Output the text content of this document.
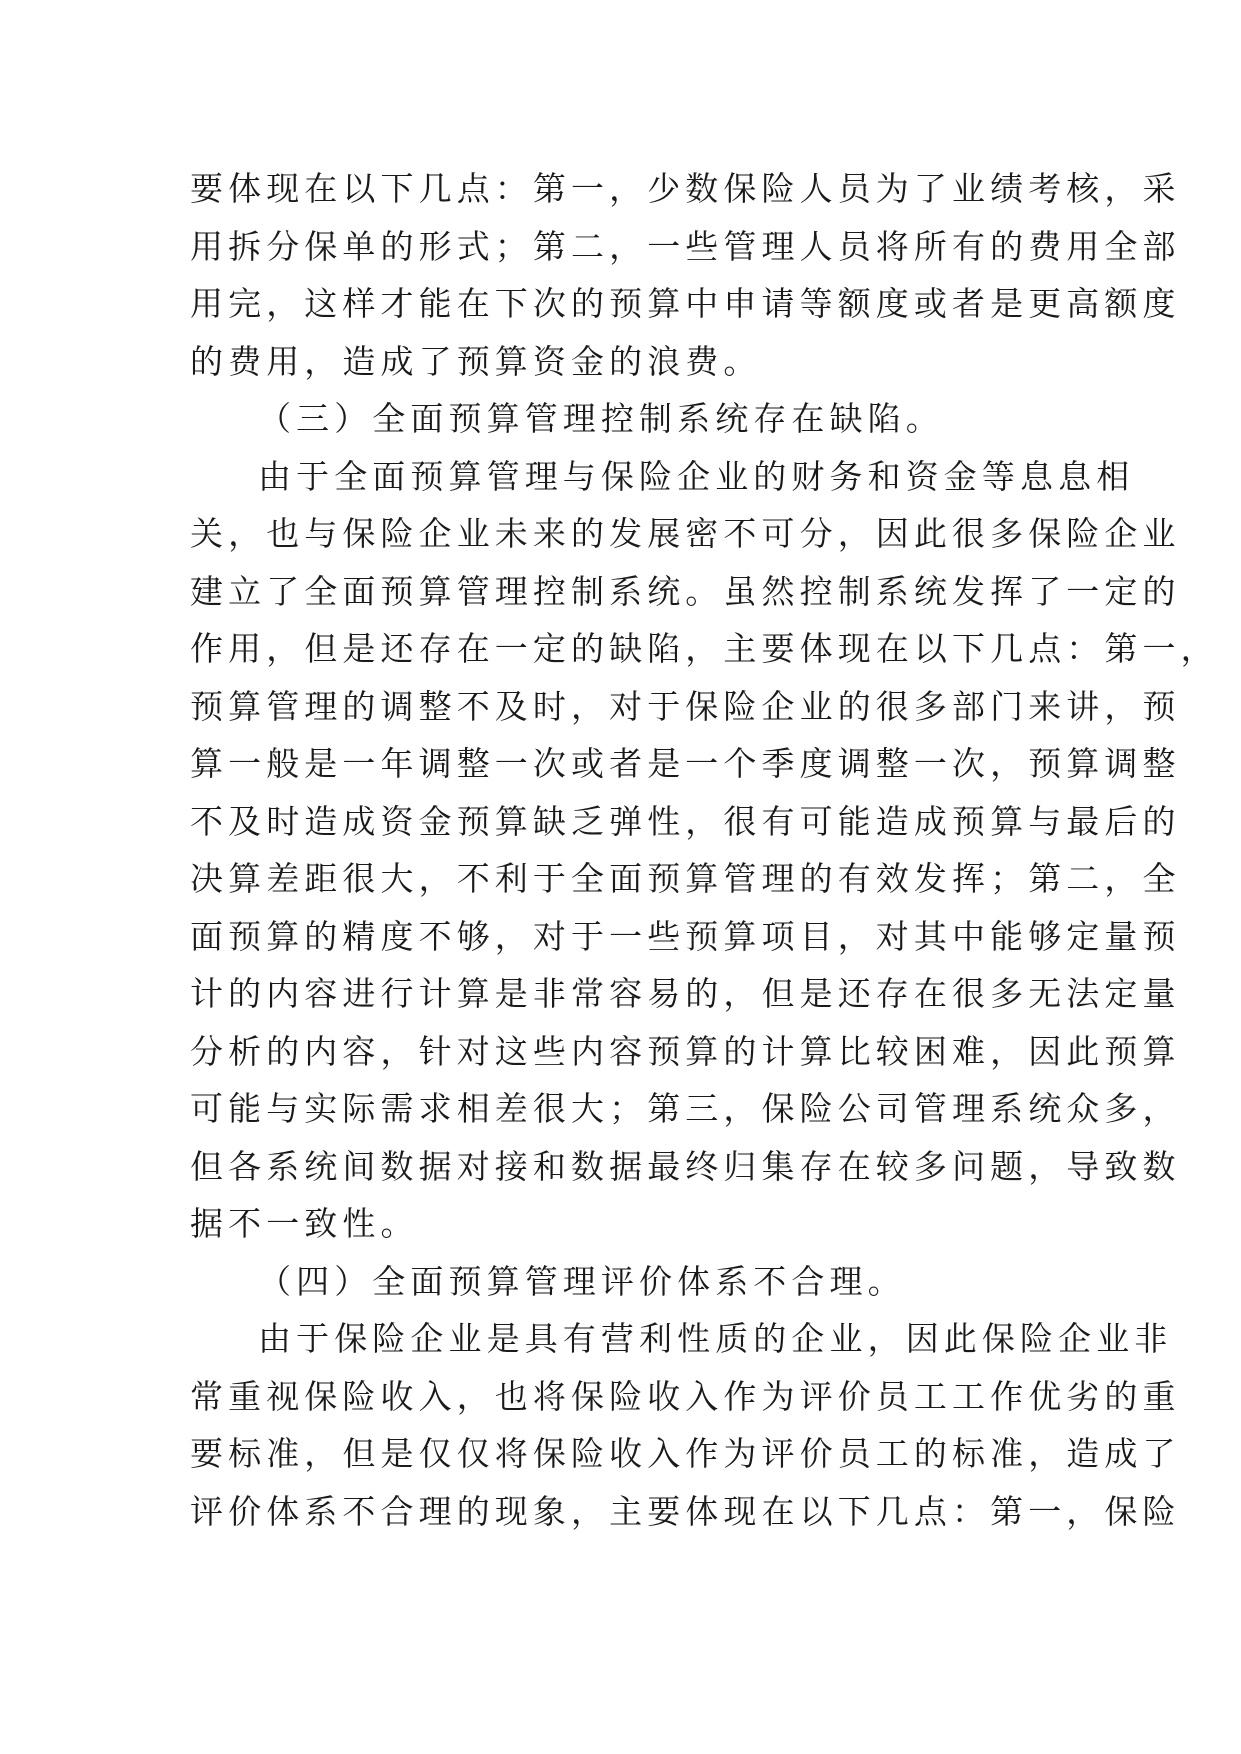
要体现在以下几点：第一，少数保险人员为了业绩考核，采
用拆分保单的形式；第二，一些管理人员将所有的费用全部
用完，这样才能在下次的预算中申请等额度或者是更高额度
的费用，造成了预算资金的浪费。
（三）全面预算管理控制系统存在缺陷。
由于全面预算管理与保险企业的财务和资金等息息相
关，也与保险企业未来的发展密不可分，因此很多保险企业
建立了全面预算管理控制系统。虽然控制系统发挥了一定的
作用，但是还存在一定的缺陷，主要体现在以下几点：第一，
预算管理的调整不及时，对于保险企业的很多部门来讲，预
算一般是一年调整一次或者是一个季度调整一次，预算调整
不及时造成资金预算缺乏弹性，很有可能造成预算与最后的
决算差距很大，不利于全面预算管理的有效发挥；第二，全
面预算的精度不够，对于一些预算项目，对其中能够定量预
计的内容进行计算是非常容易的，但是还存在很多无法定量
分析的内容，针对这些内容预算的计算比较困难，因此预算
可能与实际需求相差很大；第三，保险公司管理系统众多，
但各系统间数据对接和数据最终归集存在较多问题，导致数
据不一致性。
（四）全面预算管理评价体系不合理。
由于保险企业是具有营利性质的企业，因此保险企业非
常重视保险收入，也将保险收入作为评价员工工作优劣的重
要标准，但是仅仅将保险收入作为评价员工的标准，造成了
评价体系不合理的现象，主要体现在以下几点：第一，保险
